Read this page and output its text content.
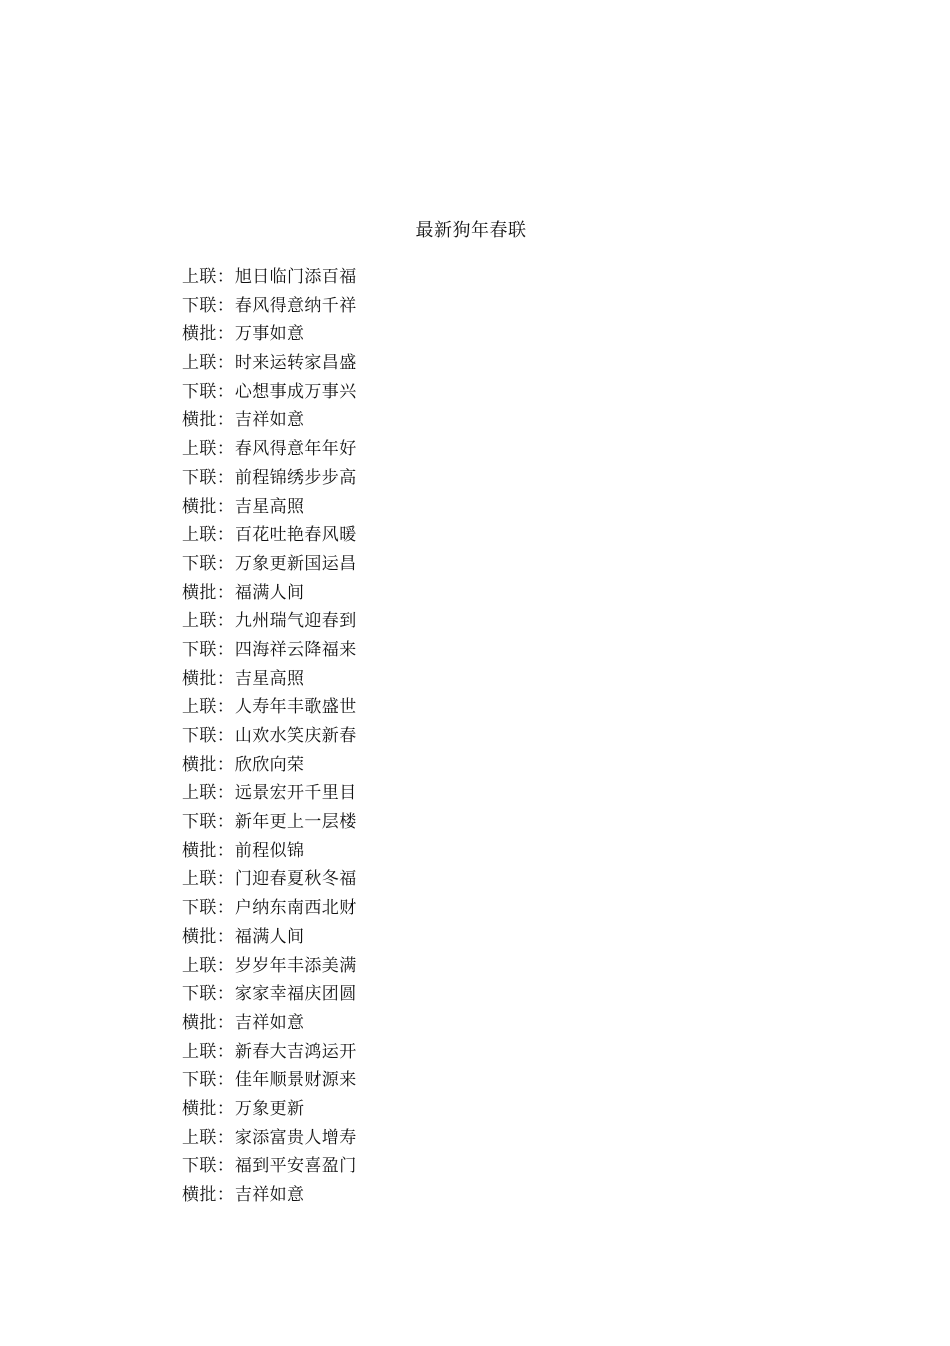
最新狗年春联
上联：旭日临门添百福
下联：春风得意纳千祥
横批：万事如意
上联：时来运转家昌盛
下联：心想事成万事兴
横批：吉祥如意
上联：春风得意年年好
下联：前程锦绣步步高
横批：吉星高照
上联：百花吐艳春风暖
下联：万象更新国运昌
横批：福满人间
上联：九州瑞气迎春到
下联：四海祥云降福来
横批：吉星高照
上联：人寿年丰歌盛世
下联：山欢水笑庆新春
横批：欣欣向荣
上联：远景宏开千里目
下联：新年更上一层楼
横批：前程似锦
上联：门迎春夏秋冬福
下联：户纳东南西北财
横批：福满人间
上联：岁岁年丰添美满
下联：家家幸福庆团圆
横批：吉祥如意
上联：新春大吉鸿运开
下联：佳年顺景财源来
横批：万象更新
上联：家添富贵人增寿
下联：福到平安喜盈门
横批：吉祥如意
